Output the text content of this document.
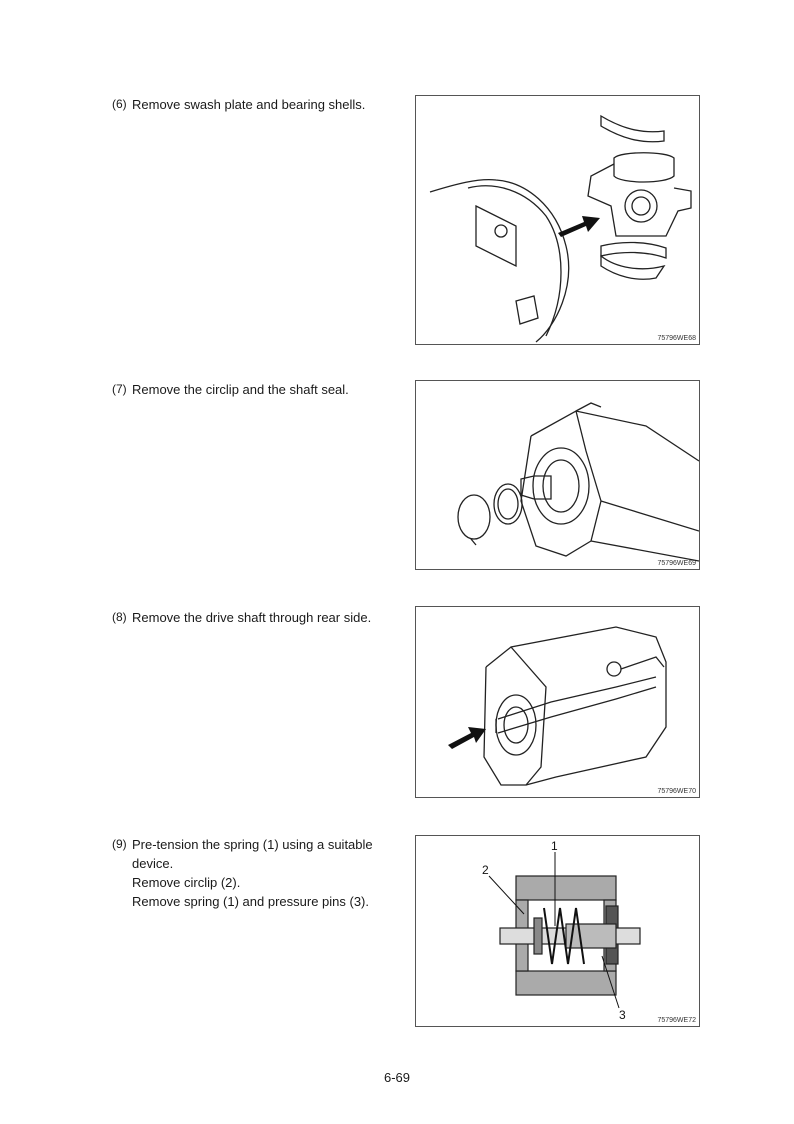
(6) Remove swash plate and bearing shells.
75796WE68
(7) Remove the circlip and the shaft seal.
75796WE69
(8) Remove the drive shaft through rear side.
75796WE70
(9) Pre-tension the spring (1) using a suitable
device.
Remove circlip (2).
Remove spring (1) and pressure pins (3).
1
2
3	75796WE72
6-69
